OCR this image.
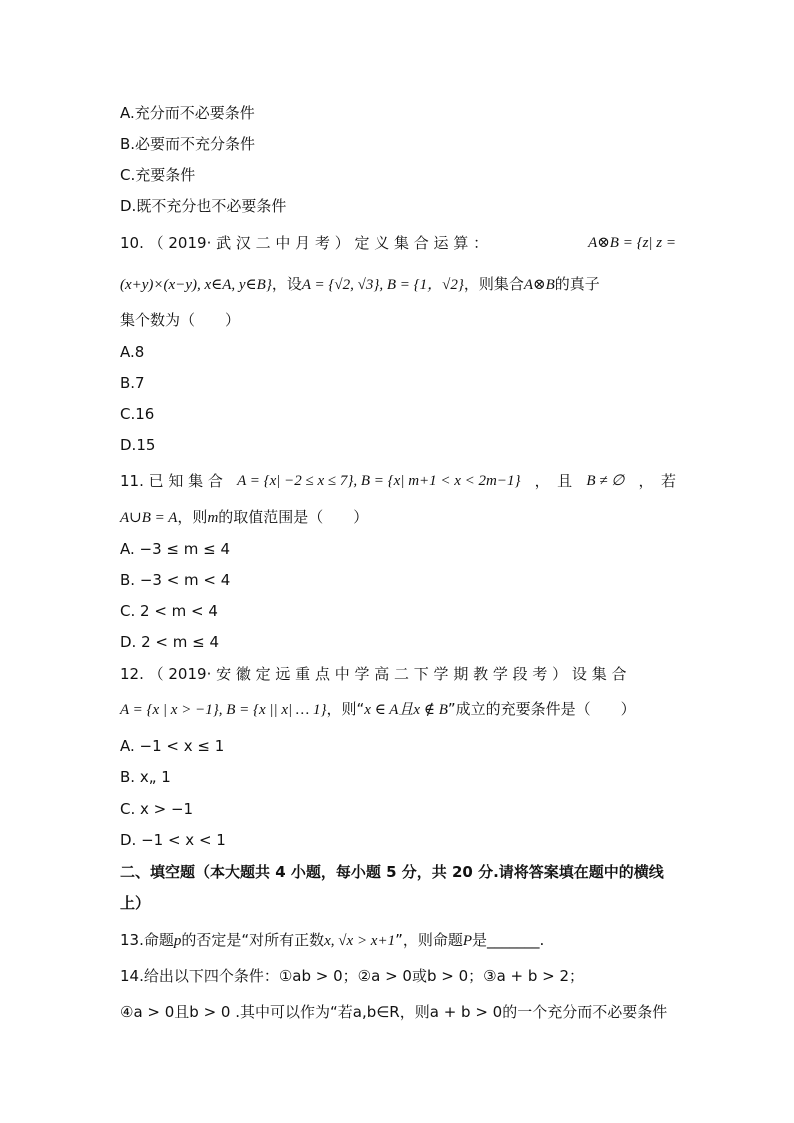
A.充分而不必要条件
B.必要而不充分条件
C.充要条件
D.既不充分也不必要条件
10. （ 2019· 武 汉 二 中 月 考 ） 定 义 集 合 运 算 ：	A⊗B = {z| z =
(x+y)×(x−y), x∈A, y∈B}，设A = {√2, √3}, B = {1，√2}，则集合A⊗B的真子
集个数为（　　）
A.8
B.7
C.16
D.15
11. 已 知 集 合 A = {x| −2 ≤ x ≤ 7}, B = {x| m+1 < x < 2m−1} ，　且 B ≠ ∅ ，　若
A∪B = A，则m的取值范围是（　　）
A. −3 ≤ m ≤ 4
B. −3 < m < 4
C. 2 < m < 4
D. 2 < m ≤ 4
12. （ 2019· 安 徽 定 远 重 点 中 学 高 二 下 学 期 教 学 段 考 ） 设 集 合
A = {x | x > −1}, B = {x || x| … 1}，则“x ∈ A且x ∉ B”成立的充要条件是（　　）
A. −1 < x ≤ 1
B. x„ 1
C. x > −1
D. −1 < x < 1
二、填空题（本大题共 4 小题，每小题 5 分，共 20 分.请将答案填在题中的横线
上）
13.命题p的否定是“对所有正数x, √x > x+1”，则命题P是_______.
14.给出以下四个条件：①ab > 0；②a > 0或b > 0；③a + b > 2；
④a > 0且b > 0 .其中可以作为“若a,b∈R，则a + b > 0的一个充分而不必要条件
